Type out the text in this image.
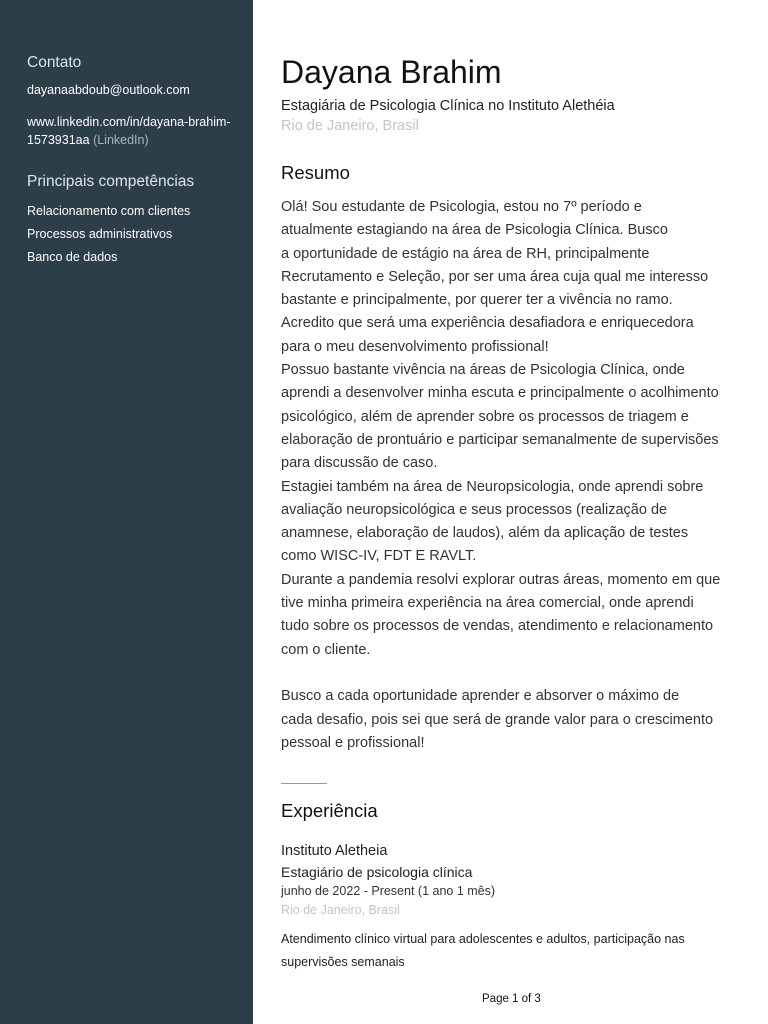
Contato
dayanaabdoub@outlook.com
www.linkedin.com/in/dayana-brahim-1573931aa (LinkedIn)
Principais competências
Relacionamento com clientes
Processos administrativos
Banco de dados
Dayana Brahim
Estagiária de Psicologia Clínica no Instituto Alethéia
Rio de Janeiro, Brasil
Resumo

Olá! Sou estudante de Psicologia, estou no 7º período e

atualmente estagiando na área de Psicologia Clínica. Busco

a oportunidade de estágio na área de RH, principalmente

Recrutamento e Seleção, por ser uma área cuja qual me interesso

bastante e principalmente, por querer ter a vivência no ramo.

Acredito que será uma experiência desafiadora e enriquecedora

para o meu desenvolvimento profissional!

Possuo bastante vivência na áreas de Psicologia Clínica, onde

aprendi a desenvolver minha escuta e principalmente o acolhimento

psicológico, além de aprender sobre os processos de triagem e

elaboração de prontuário e participar semanalmente de supervisões

para discussão de caso.

Estagiei também na área de Neuropsicologia, onde aprendi sobre

avaliação neuropsicológica e seus processos (realização de

anamnese, elaboração de laudos), além da aplicação de testes

como WISC-IV, FDT E RAVLT.

Durante a pandemia resolvi explorar outras áreas, momento em que

tive minha primeira experiência na área comercial, onde aprendi

tudo sobre os processos de vendas, atendimento e relacionamento

com o cliente.

Busco a cada oportunidade aprender e absorver o máximo de

cada desafio, pois sei que será de grande valor para o crescimento

pessoal e profissional!

Experiência
Instituto Aletheia
Estagiário de psicologia clínica
junho de 2022 - Present (1 ano 1 mês)
Rio de Janeiro, Brasil
Atendimento clínico virtual para adolescentes e adultos, participação nas
supervisões semanais
Page 1 of 3
